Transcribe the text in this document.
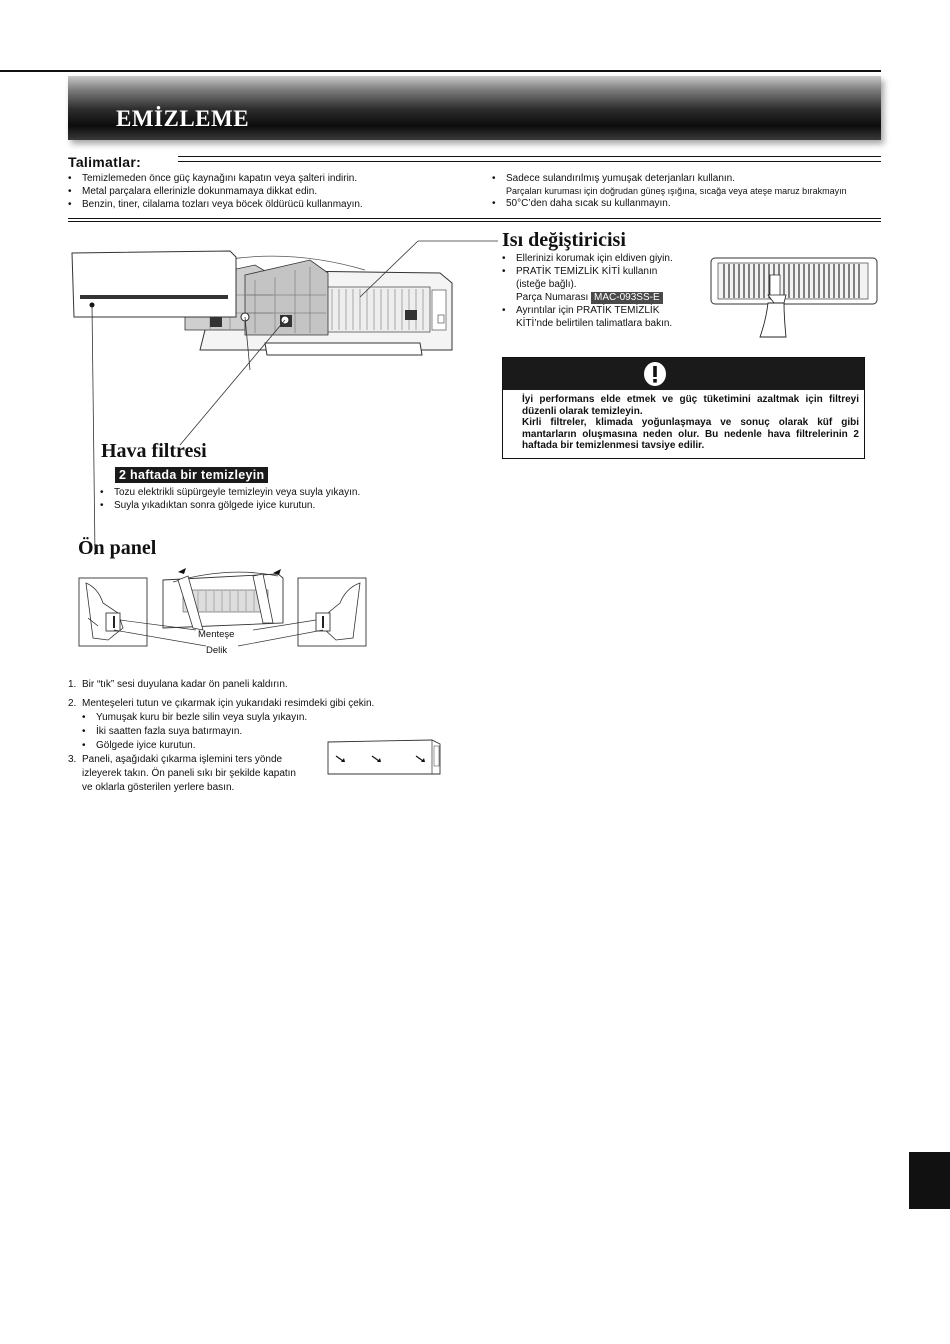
EMİZLEME
Talimatlar:
• Temizlemeden önce güç kaynağını kapatın veya şalteri indirin.
• Metal parçalara ellerinizle dokunmamaya dikkat edin.
• Benzin, tiner, cilalama tozları veya böcek öldürücü kullanmayın.
• Sadece sulandırılmış yumuşak deterjanları kullanın.
Parçaları kuruması için doğrudan güneş ışığına, sıcağa veya ateşe maruz bırakmayın
• 50°C’den daha sıcak su kullanmayın.
Isı değiştiricisi
• Ellerinizi korumak için eldiven giyin.
• PRATİK TEMİZLİK KİTİ kullanın
(isteğe bağlı).
Parça Numarası MAC-093SS-E
• Ayrıntılar için PRATİK TEMİZLİK
KİTİ’nde belirtilen talimatlara bakın.
İyi performans elde etmek ve güç tüketimini azaltmak için filtreyi düzenli olarak temizleyin.
Kirli filtreler, klimada yoğunlaşmaya ve sonuç olarak küf gibi mantarların oluşmasına neden olur. Bu nedenle hava filtrelerinin 2 haftada bir temizlenmesi tavsiye edilir.
Hava filtresi
2 haftada bir temizleyin
• Tozu elektrikli süpürgeyle temizleyin veya suyla yıkayın.
• Suyla yıkadıktan sonra gölgede iyice kurutun.
Ön panel
Menteşe
Delik
1. Bir “tık” sesi duyulana kadar ön paneli kaldırın.
2. Menteşeleri tutun ve çıkarmak için yukarıdaki resimdeki gibi çekin.
• Yumuşak kuru bir bezle silin veya suyla yıkayın.
• İki saatten fazla suya batırmayın.
• Gölgede iyice kurutun.
3. Paneli, aşağıdaki çıkarma işlemini ters yönde izleyerek takın. Ön paneli sıkı bir şekilde kapatın ve oklarla gösterilen yerlere basın.
